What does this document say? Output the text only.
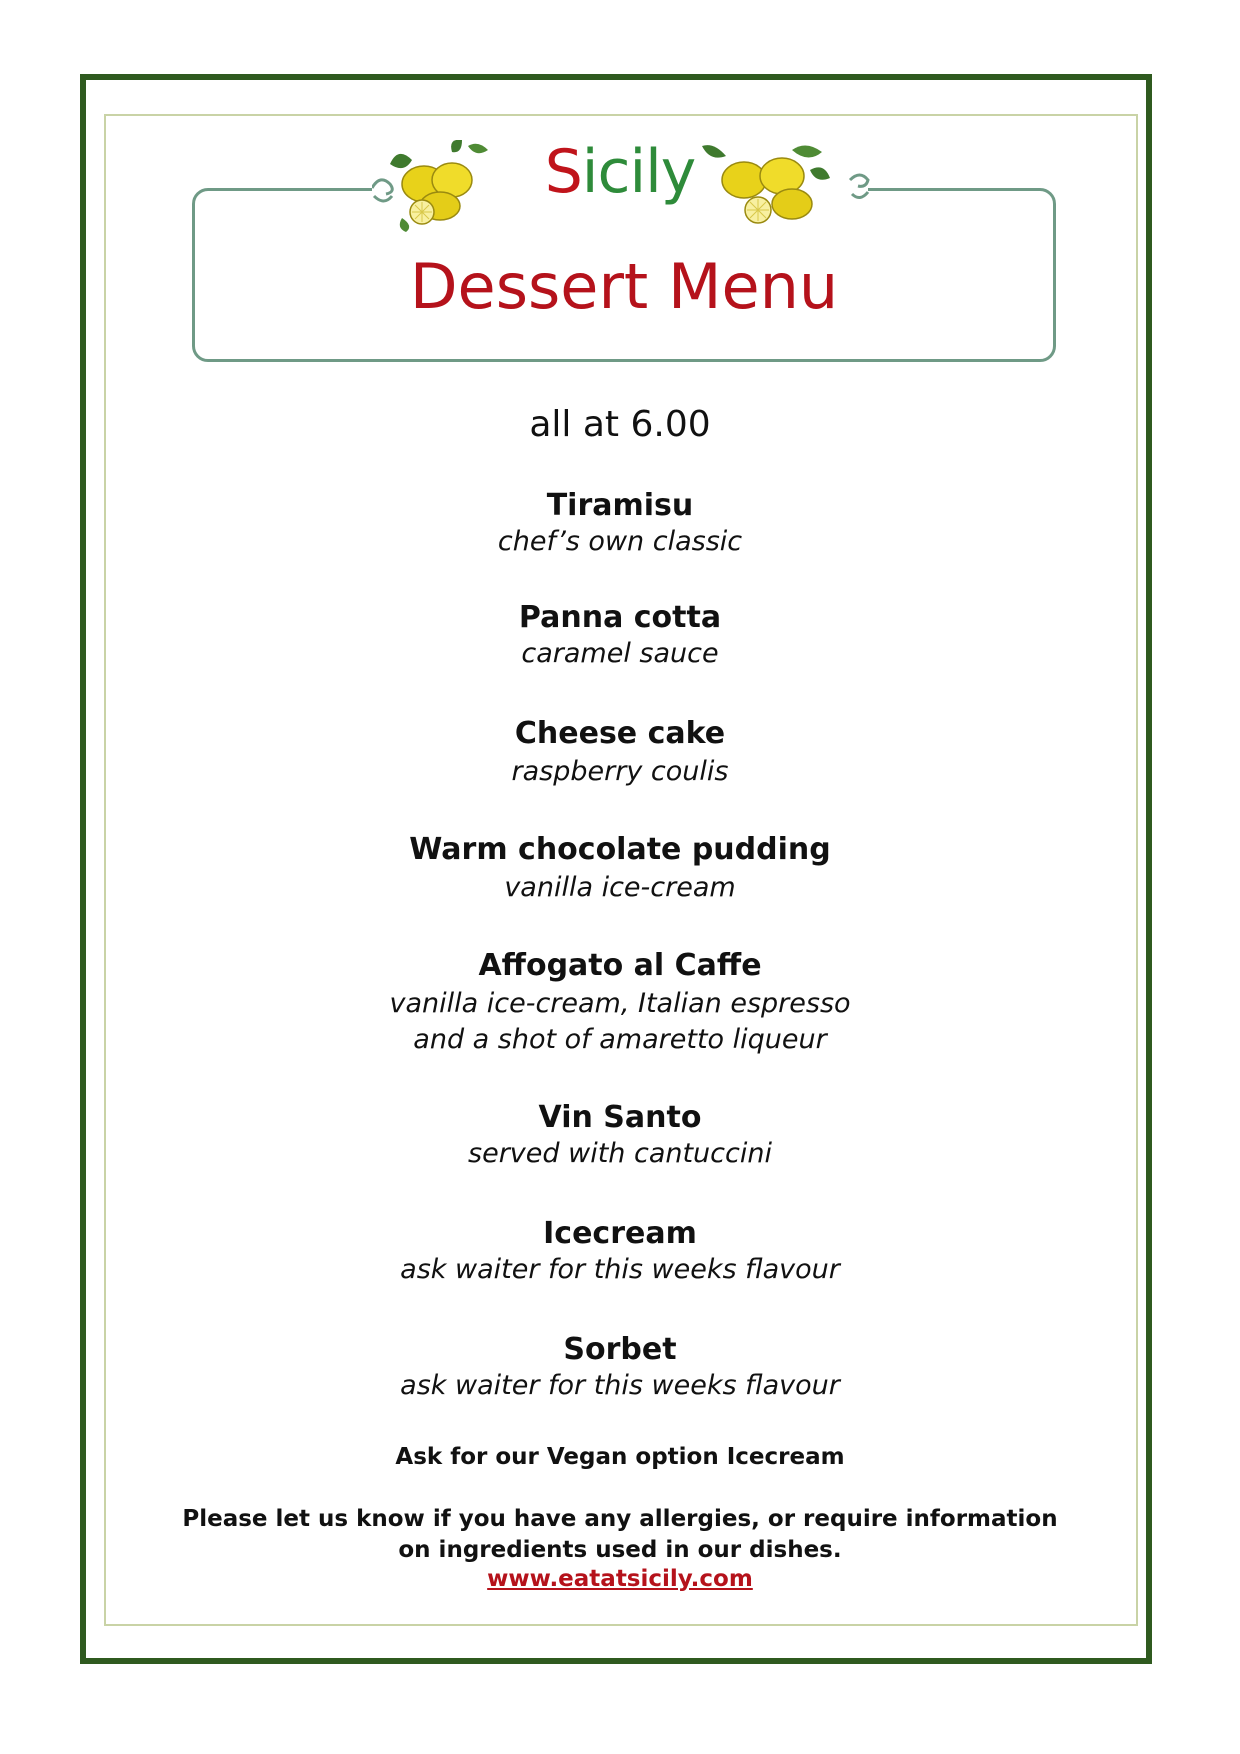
Sicily
Dessert Menu
all at 6.00
Tiramisu
chef’s own classic
Panna cotta
caramel sauce
Cheese cake
raspberry coulis
Warm chocolate pudding
vanilla ice-cream
Affogato al Caffe
vanilla ice-cream, Italian espresso
and a shot of amaretto liqueur
Vin Santo
served with cantuccini
Icecream
ask waiter for this weeks flavour
Sorbet
ask waiter for this weeks flavour
Ask for our Vegan option Icecream
Please let us know if you have any allergies, or require information
on ingredients used in our dishes.
www.eatatsicily.com
